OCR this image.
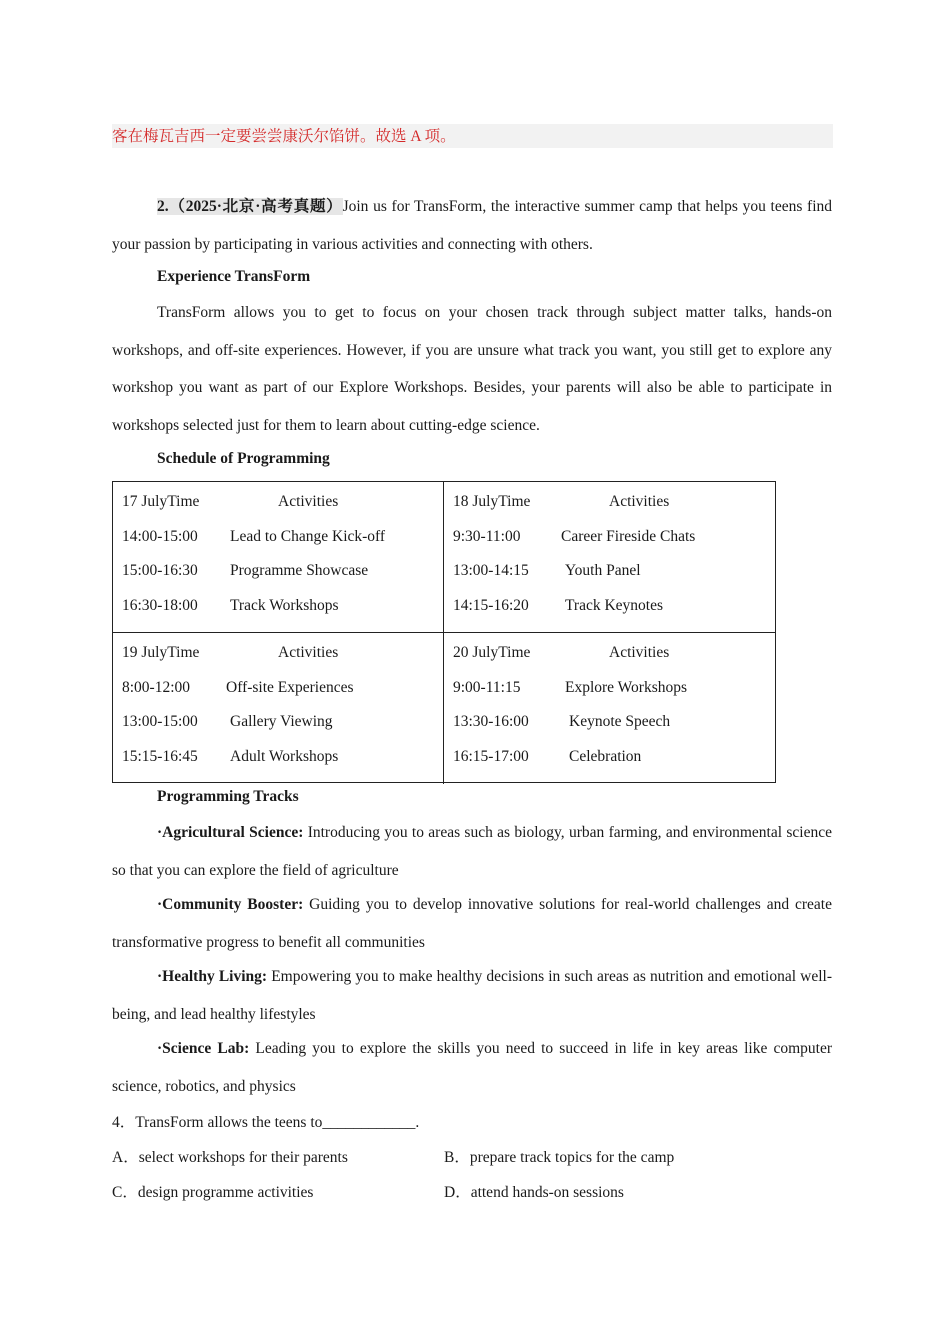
客在梅瓦吉西一定要尝尝康沃尔馅饼。故选 A 项。
2.（2025·北京·高考真题）Join us for TransForm, the interactive summer camp that helps you teens find your passion by participating in various activities and connecting with others.
Experience TransForm
TransForm allows you to get to focus on your chosen track through subject matter talks, hands-on workshops, and off-site experiences. However, if you are unsure what track you want, you still get to explore any workshop you want as part of our Explore Workshops. Besides, your parents will also be able to participate in workshops selected just for them to learn about cutting-edge science.
Schedule of Programming
17 JulyTime	Activities
14:00-15:00 Lead to Change Kick-off
15:00-16:30 Programme Showcase
16:30-18:00 Track Workshops
18 JulyTime	Activities
9:30-11:00	Career Fireside Chats
13:00-14:15 Youth Panel
14:15-16:20 Track Keynotes
19 JulyTime	Activities
8:00-12:00 Off-site Experiences
13:00-15:00 Gallery Viewing
15:15-16:45 Adult Workshops
20 JulyTime	Activities
9:00-11:15	Explore Workshops
13:30-16:00	Keynote Speech
16:15-17:00	Celebration
Programming Tracks
·Agricultural Science: Introducing you to areas such as biology, urban farming, and environmental science so that you can explore the field of agriculture
·Community Booster: Guiding you to develop innovative solutions for real-world challenges and create transformative progress to benefit all communities
·Healthy Living: Empowering you to make healthy decisions in such areas as nutrition and emotional well-being, and lead healthy lifestyles
·Science Lab: Leading you to explore the skills you need to succeed in life in key areas like computer science, robotics, and physics
4．TransForm allows the teens to____________.
A．select workshops for their parents	B．prepare track topics for the camp
C．design programme activities	D．attend hands-on sessions
